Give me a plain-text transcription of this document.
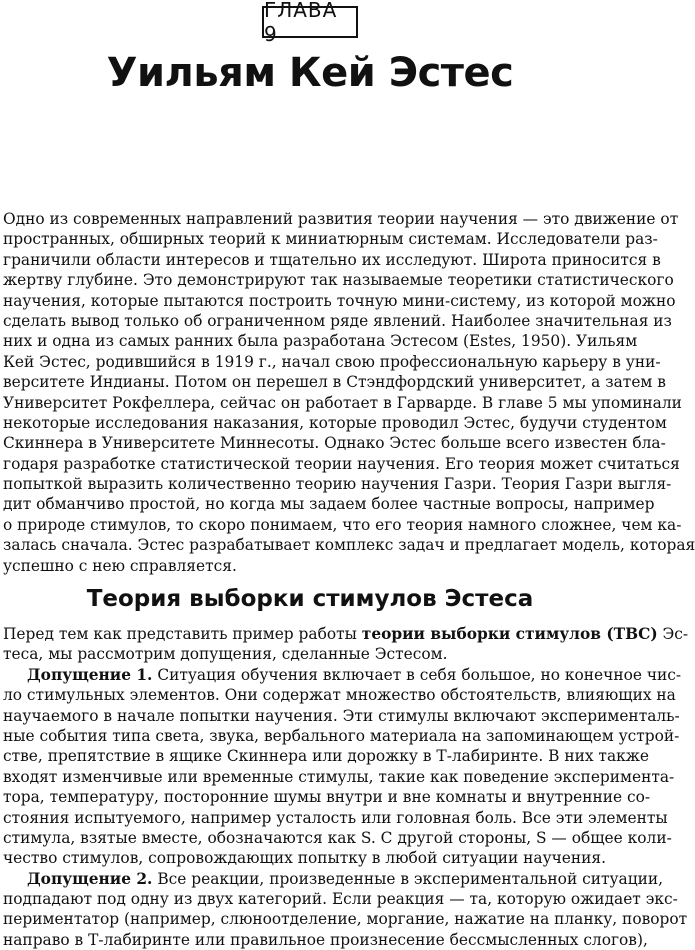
ГЛАВА 9
Уильям Кей Эстес
Одно из современных направлений развития теории научения — это движение от
пространных, обширных теорий к миниатюрным системам. Исследователи раз-
граничили области интересов и тщательно их исследуют. Широта приносится в
жертву глубине. Это демонстрируют так называемые теоретики статистического
научения, которые пытаются построить точную мини-систему, из которой можно
сделать вывод только об ограниченном ряде явлений. Наиболее значительная из
них и одна из самых ранних была разработана Эстесом (Estes, 1950). Уильям
Кей Эстес, родившийся в 1919 г., начал свою профессиональную карьеру в уни-
верситете Индианы. Потом он перешел в Стэндфордский университет, а затем в
Университет Рокфеллера, сейчас он работает в Гарварде. В главе 5 мы упоминали
некоторые исследования наказания, которые проводил Эстес, будучи студентом
Скиннера в Университете Миннесоты. Однако Эстес больше всего известен бла-
годаря разработке статистической теории научения. Его теория может считаться
попыткой выразить количественно теорию научения Газри. Теория Газри выгля-
дит обманчиво простой, но когда мы задаем более частные вопросы, например
о природе стимулов, то скоро понимаем, что его теория намного сложнее, чем ка-
залась сначала. Эстес разрабатывает комплекс задач и предлагает модель, которая
успешно с нею справляется.
Теория выборки стимулов Эстеса
Перед тем как представить пример работы теории выборки стимулов (ТВС) Эс-
теса, мы рассмотрим допущения, сделанные Эстесом.
Допущение 1. Ситуация обучения включает в себя большое, но конечное чис-
ло стимульных элементов. Они содержат множество обстоятельств, влияющих на
научаемого в начале попытки научения. Эти стимулы включают эксперименталь-
ные события типа света, звука, вербального материала на запоминающем устрой-
стве, препятствие в ящике Скиннера или дорожку в Т-лабиринте. В них также
входят изменчивые или временные стимулы, такие как поведение эксперимента-
тора, температуру, посторонние шумы внутри и вне комнаты и внутренние со-
стояния испытуемого, например усталость или головная боль. Все эти элементы
стимула, взятые вместе, обозначаются как S. С другой стороны, S — общее коли-
чество стимулов, сопровождающих попытку в любой ситуации научения.
Допущение 2. Все реакции, произведенные в экспериментальной ситуации,
подпадают под одну из двух категорий. Если реакция — та, которую ожидает экс-
периментатор (например, слюноотделение, моргание, нажатие на планку, поворот
направо в Т-лабиринте или правильное произнесение бессмысленных слогов),
